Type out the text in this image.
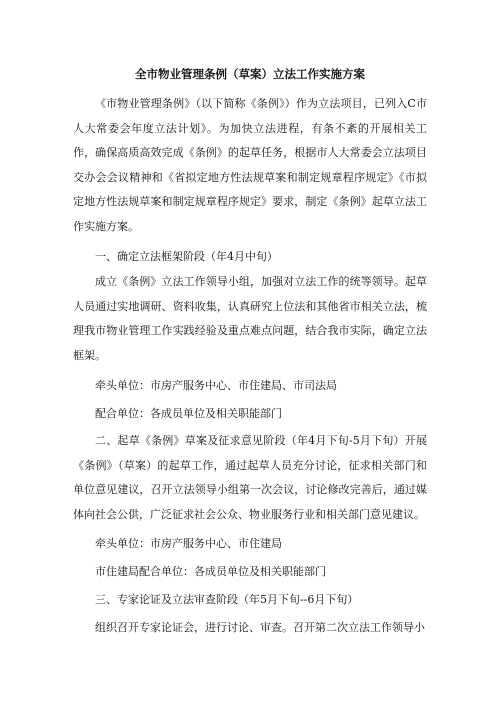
全市物业管理条例（草案）立法工作实施方案

《市物业管理条例》（以下简称《条例》）作为立法项目，已列入C市人大常委会年度立法计划》。为加快立法进程，有条不紊的开展相关工作，确保高质高效完成《条例》的起草任务，根据市人大常委会立法项目交办会会议精神和《省拟定地方性法规草案和制定规章程序规定》《市拟定地方性法规草案和制定规章程序规定》要求，制定《条例》起草立法工作实施方案。

一、确定立法框架阶段（年4月中旬）

成立《条例》立法工作领导小组，加强对立法工作的统等领导。起草人员通过实地调研、资料收集，认真研究上位法和其他省市相关立法，梳理我市物业管理工作实践经验及重点难点问题，结合我市实际，确定立法框架。

牵头单位：市房产服务中心、市住建局、市司法局

配合单位：各成员单位及相关职能部门

二、起草《条例》草案及征求意见阶段（年4月下旬-5月下旬）开展《条例》（草案）的起草工作，通过起草人员充分讨论，征求相关部门和单位意见建议，召开立法领导小组第一次会议，讨论修改完善后，通过媒体向社会公供，广泛征求社会公众、物业服务行业和相关部门意见建议。

牵头单位：市房产服务中心、市住建局

市住建局配合单位：各成员单位及相关职能部门

三、专家论证及立法审查阶段（年5月下旬--6月下旬）

组织召开专家论证会，进行讨论、审查。召开第二次立法工作领导小
